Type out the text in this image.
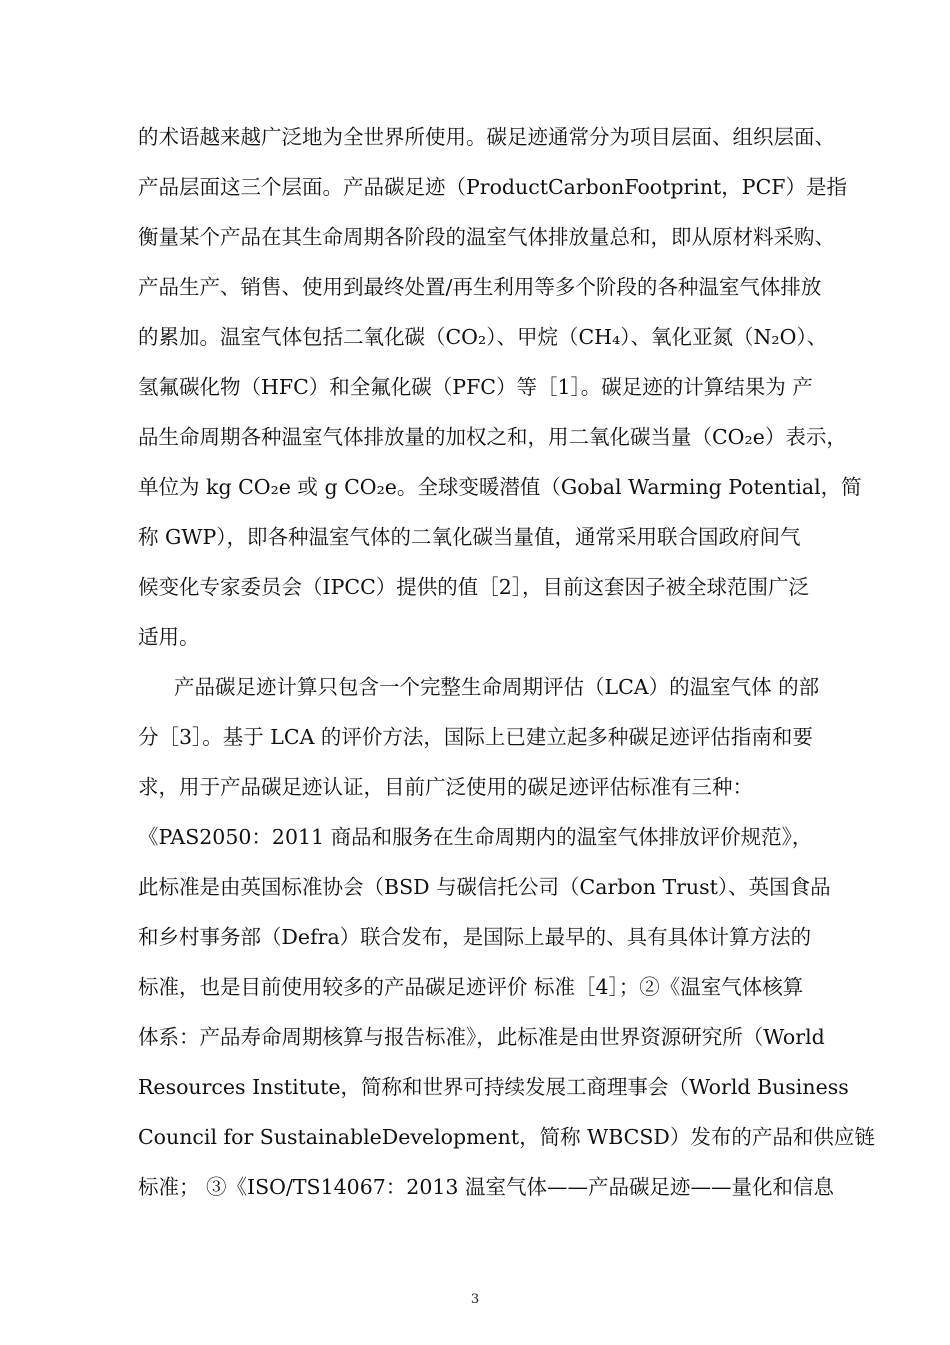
的术语越来越广泛地为全世界所使用。碳足迹通常分为项目层面、组织层面、
产品层面这三个层面。产品碳足迹（ProductCarbonFootprint，PCF）是指
衡量某个产品在其生命周期各阶段的温室气体排放量总和，即从原材料采购、
产品生产、销售、使用到最终处置/再生利用等多个阶段的各种温室气体排放
的累加。温室气体包括二氧化碳（CO₂）、甲烷（CH₄）、氧化亚氮（N₂O）、
氢氟碳化物（HFC）和全氟化碳（PFC）等［1］。碳足迹的计算结果为 产
品生命周期各种温室气体排放量的加权之和，用二氧化碳当量（CO₂e）表示，
单位为 kg CO₂e 或 g CO₂e。全球变暖潜值（Gobal Warming Potential，简
称 GWP），即各种温室气体的二氧化碳当量值，通常采用联合国政府间气
候变化专家委员会（IPCC）提供的值［2］，目前这套因子被全球范围广泛
适用。
产品碳足迹计算只包含一个完整生命周期评估（LCA）的温室气体 的部
分［3］。基于 LCA 的评价方法，国际上已建立起多种碳足迹评估指南和要
求，用于产品碳足迹认证，目前广泛使用的碳足迹评估标准有三种：
《PAS2050：2011 商品和服务在生命周期内的温室气体排放评价规范》，
此标准是由英国标准协会（BSD 与碳信托公司（Carbon Trust）、英国食品
和乡村事务部（Defra）联合发布，是国际上最早的、具有具体计算方法的
标准，也是目前使用较多的产品碳足迹评价 标准［4］；②《温室气体核算
体系：产品寿命周期核算与报告标准》，此标准是由世界资源研究所（World
Resources Institute，简称和世界可持续发展工商理事会（World Business
Council for SustainableDevelopment，简称 WBCSD）发布的产品和供应链
标准； ③《ISO/TS14067：2013 温室气体——产品碳足迹——量化和信息
3
